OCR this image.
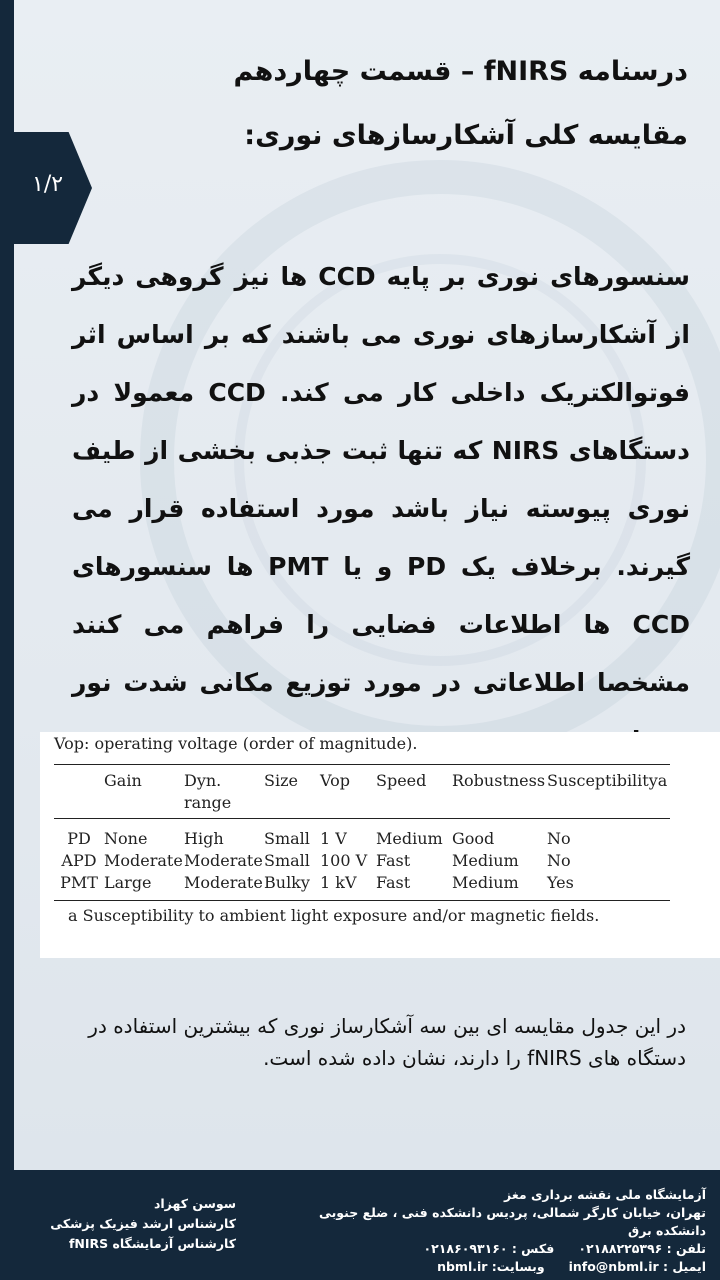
۱/۲
درسنامه fNIRS – قسمت چهاردهم
مقایسه کلی آشکارسازهای نوری:

سنسورهای نوری بر پایه CCD ها نیز گروهی دیگر از آشکارسازهای نوری می باشند که بر اساس اثر فوتوالکتریک داخلی کار می کند. CCD معمولا در دستگاهای NIRS که تنها ثبت جذبی بخشی از طیف نوری پیوسته نیاز باشد مورد استفاده قرار می گیرند. برخلاف یک PD و یا PMT ها سنسورهای CCD ها اطلاعات فضایی را فراهم می کنند مشخصا اطلاعاتی در مورد توزیع مکانی شدت نور

Vop: operating voltage (order of magnitude).
	Gain	Dyn. range	Size	Vop	Speed	Robustness	Susceptibilitya

PD	None	High	Small	1 V	Medium	Good	No
APD	Moderate	Moderate	Small	100 V	Fast	Medium	No
PMT	Large	Moderate	Bulky	1 kV	Fast	Medium	Yes
a Susceptibility to ambient light exposure and/or magnetic fields.

در این جدول مقایسه ای بین سه آشکارساز نوری که بیشترین استفاده در دستگاه های fNIRS را دارند، نشان داده شده است.

آزمایشگاه ملی نقشه برداری مغز
تهران، خیابان کارگر شمالی، پردیس دانشکده فنی ، ضلع جنوبی دانشکده برق
تلفن : ۰۲۱۸۸۲۲۵۳۹۶
فکس : ۰۲۱۸۶۰۹۳۱۶۰
ایمیل : info@nbml.ir
وبسایت: nbml.ir
سوسن کهزاد
کارشناس ارشد فیزیک پزشکی
کارشناس آزمایشگاه fNIRS
